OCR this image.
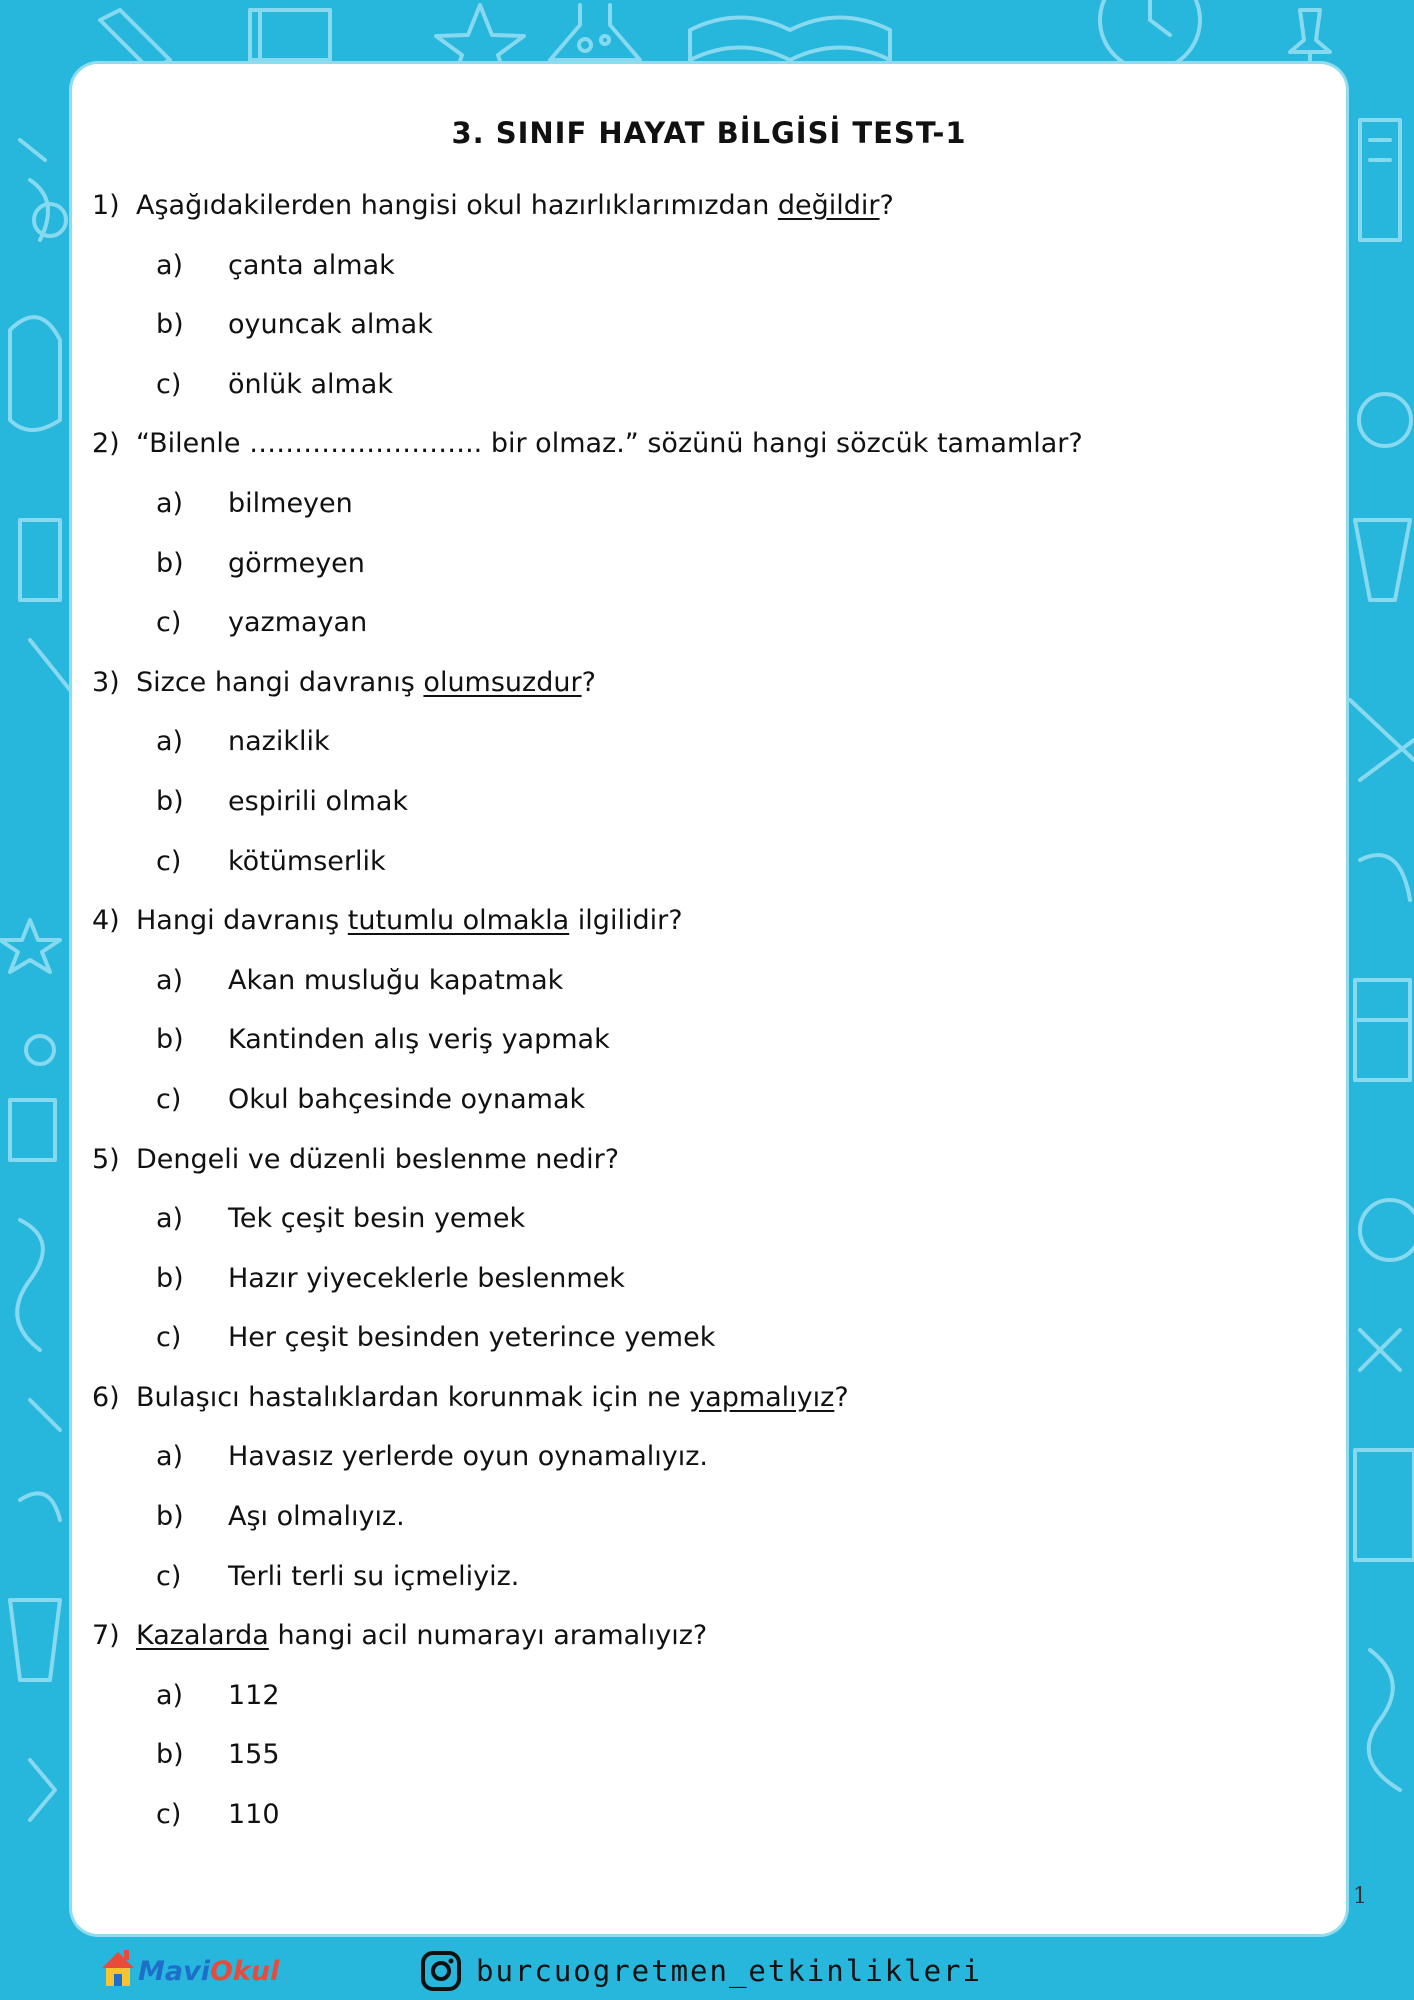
3. SINIF HAYAT BİLGİSİ TEST-1
1) Aşağıdakilerden hangisi okul hazırlıklarımızdan değildir?
a) çanta almak
b) oyuncak almak
c) önlük almak
2) “Bilenle …………………….. bir olmaz.” sözünü hangi sözcük tamamlar?
a) bilmeyen
b) görmeyen
c) yazmayan
3) Sizce hangi davranış olumsuzdur?
a) naziklik
b) espirili olmak
c) kötümserlik
4) Hangi davranış tutumlu olmakla ilgilidir?
a) Akan musluğu kapatmak
b) Kantinden alış veriş yapmak
c) Okul bahçesinde oynamak
5) Dengeli ve düzenli beslenme nedir?
a) Tek çeşit besin yemek
b) Hazır yiyeceklerle beslenmek
c) Her çeşit besinden yeterince yemek
6) Bulaşıcı hastalıklardan korunmak için ne yapmalıyız?
a) Havasız yerlerde oyun oynamalıyız.
b) Aşı olmalıyız.
c) Terli terli su içmeliyiz.
7) Kazalarda hangi acil numarayı aramalıyız?
a) 112
b) 155
c) 110
1
MaviOkul	burcuogretmen_etkinlikleri
